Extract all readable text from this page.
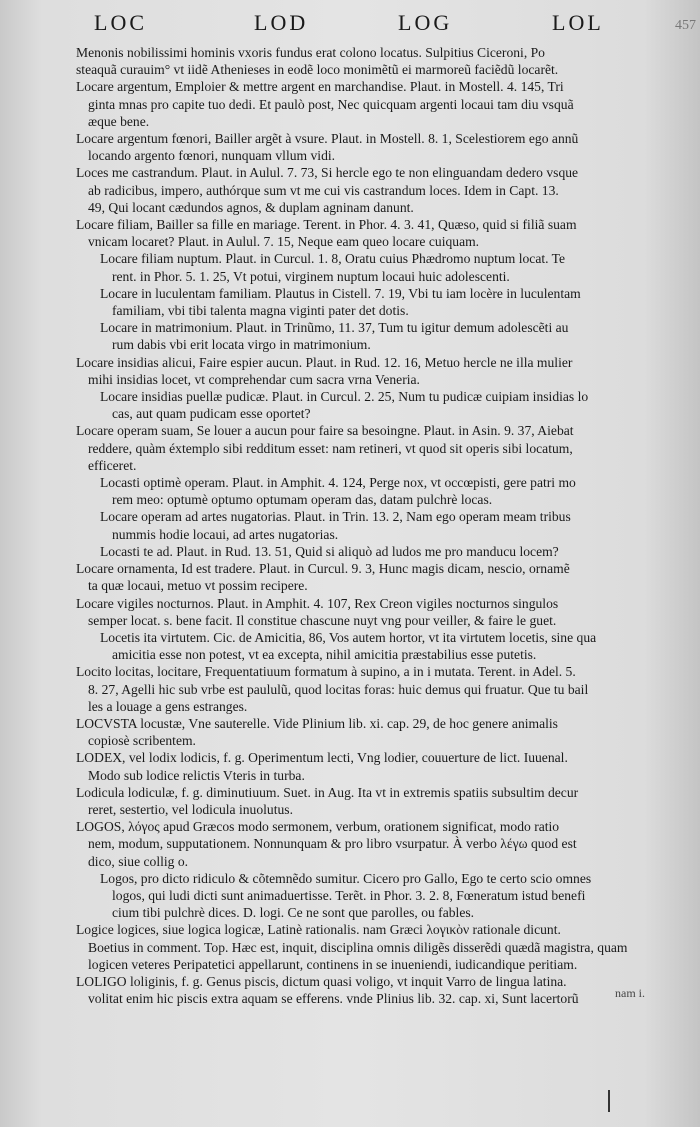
LOC	LOD	LOG	LOL	457
Menonis nobilissimi hominis vxoris fundus erat colono locatus. Sulpitius Ciceroni, Po
steaquã curauim° vt iidẽ Athenieses in eodẽ loco monimẽtũ ei marmoreũ faciẽdũ locarẽt.
Locare argentum, Emploier & mettre argent en marchandise. Plaut. in Mostell. 4. 145, Tri
ginta mnas pro capite tuo dedi. Et paulò post, Nec quicquam argenti locaui tam diu vsquã
æque bene.
Locare argentum fœnori, Bailler argẽt à vsure. Plaut. in Mostell. 8. 1, Scelestiorem ego annũ
locando argento fœnori, nunquam vllum vidi.
Loces me castrandum. Plaut. in Aulul. 7. 73, Si hercle ego te non elinguandam dedero vsque
ab radicibus, impero, authórque sum vt me cui vis castrandum loces. Idem in Capt. 13.
49, Qui locant cædundos agnos, & duplam agninam danunt.
Locare filiam, Bailler sa fille en mariage. Terent. in Phor. 4. 3. 41, Quæso, quid si filiã suam
vnicam locaret? Plaut. in Aulul. 7. 15, Neque eam queo locare cuiquam.
Locare filiam nuptum. Plaut. in Curcul. 1. 8, Oratu cuius Phædromo nuptum locat. Te
rent. in Phor. 5. 1. 25, Vt potui, virginem nuptum locaui huic adolescenti.
Locare in luculentam familiam. Plautus in Cistell. 7. 19, Vbi tu iam locère in luculentam
familiam, vbi tibi talenta magna viginti pater det dotis.
Locare in matrimonium. Plaut. in Trinũmo, 11. 37, Tum tu igitur demum adolescẽti au
rum dabis vbi erit locata virgo in matrimonium.
Locare insidias alicui, Faire espier aucun. Plaut. in Rud. 12. 16, Metuo hercle ne illa mulier
mihi insidias locet, vt comprehendar cum sacra vrna Veneria.
Locare insidias puellæ pudicæ. Plaut. in Curcul. 2. 25, Num tu pudicæ cuipiam insidias lo
cas, aut quam pudicam esse oportet?
Locare operam suam, Se louer a aucun pour faire sa besoingne. Plaut. in Asin. 9. 37, Aiebat
reddere, quàm éxtemplo sibi redditum esset: nam retineri, vt quod sit operis sibi locatum,
efficeret.
Locasti optimè operam. Plaut. in Amphit. 4. 124, Perge nox, vt occœpisti, gere patri mo
rem meo: optumè optumo optumam operam das, datam pulchrè locas.
Locare operam ad artes nugatorias. Plaut. in Trin. 13. 2, Nam ego operam meam tribus
nummis hodie locaui, ad artes nugatorias.
Locasti te ad. Plaut. in Rud. 13. 51, Quid si aliquò ad ludos me pro manducu locem?
Locare ornamenta, Id est tradere. Plaut. in Curcul. 9. 3, Hunc magis dicam, nescio, ornamẽ
ta quæ locaui, metuo vt possim recipere.
Locare vigiles nocturnos. Plaut. in Amphit. 4. 107, Rex Creon vigiles nocturnos singulos
semper locat. s. bene facit. Il constitue chascune nuyt vng pour veiller, & faire le guet.
Locetis ita virtutem. Cic. de Amicitia, 86, Vos autem hortor, vt ita virtutem locetis, sine qua
amicitia esse non potest, vt ea excepta, nihil amicitia præstabilius esse putetis.
Locito locitas, locitare, Frequentatiuum formatum à supino, a in i mutata. Terent. in Adel. 5.
8. 27, Agelli hic sub vrbe est paululũ, quod locitas foras: huic demus qui fruatur. Que tu bail
les a louage a gens estranges.
LOCVSTA locustæ, Vne sauterelle. Vide Plinium lib. xi. cap. 29, de hoc genere animalis
copiosè scribentem.
LODEX, vel lodix lodicis, f. g. Operimentum lecti, Vng lodier, couuerture de lict. Iuuenal.
Modo sub lodice relictis Vteris in turba.
Lodicula lodiculæ, f. g. diminutiuum. Suet. in Aug. Ita vt in extremis spatiis subsultim decur
reret, sestertio, vel lodicula inuolutus.
LOGOS, λόγος apud Græcos modo sermonem, verbum, orationem significat, modo ratio
nem, modum, supputationem. Nonnunquam & pro libro vsurpatur. À verbo λέγω quod est
dico, siue collig o.
Logos, pro dicto ridiculo & cõtemnẽdo sumitur. Cicero pro Gallo, Ego te certo scio omnes
logos, qui ludi dicti sunt animaduertisse. Terẽt. in Phor. 3. 2. 8, Fœneratum istud benefi
cium tibi pulchrè dices. D. logi. Ce ne sont que parolles, ou fables.
Logice logices, siue logica logicæ, Latinè rationalis. nam Græci λογικὸν rationale dicunt.
Boetius in comment. Top. Hæc est, inquit, disciplina omnis diligẽs disserẽdi quædã magistra, quam
logicen veteres Peripatetici appellarunt, continens in se inueniendi, iudicandique peritiam.
LOLIGO loliginis, f. g. Genus piscis, dictum quasi voligo, vt inquit Varro de lingua latina.
volitat enim hic piscis extra aquam se efferens. vnde Plinius lib. 32. cap. xi, Sunt lacertorũ	nam i.
